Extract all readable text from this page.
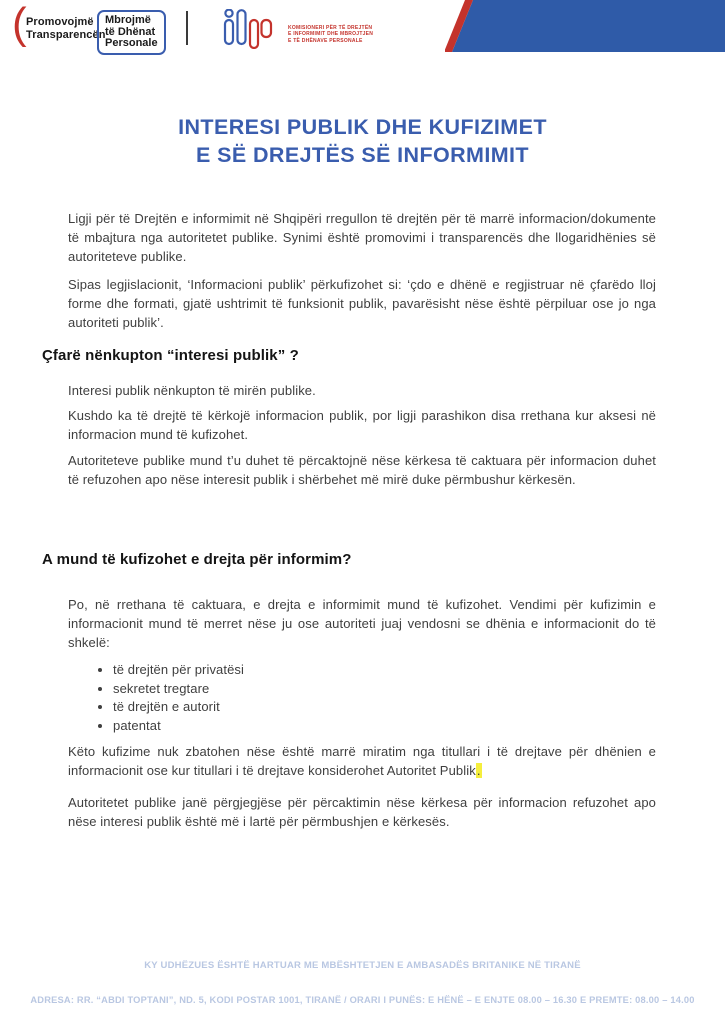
( Promovojmë
Transparencën
Mbrojmë
të Dhënat
Personale
KOMISIONERI PËR TË DREJTËN
E INFORMIMIT DHE MBROJTJEN
E TË DHËNAVE PERSONALE
INTERESI PUBLIK DHE KUFIZIMET
E SË DREJTËS SË INFORMIMIT

Ligji për të Drejtën e informimit në Shqipëri rregullon të drejtën për të marrë informacion/dokumente të mbajtura nga autoritetet publike. Synimi është promovimi i transparencës dhe llogaridhënies së autoriteteve publike.

Sipas legjislacionit, ‘Informacioni publik’ përkufizohet si: ‘çdo e dhënë e regjistruar në çfarëdo lloj forme dhe formati, gjatë ushtrimit të funksionit publik, pavarësisht nëse është përpiluar ose jo nga autoriteti publik’.

Çfarë nënkupton “interesi publik” ?

Interesi publik nënkupton të mirën publike.

Kushdo ka të drejtë të kërkojë informacion publik, por ligji parashikon disa rrethana kur aksesi në informacion mund të kufizohet.

Autoriteteve publike mund t’u duhet të përcaktojnë nëse kërkesa të caktuara për informacion duhet të refuzohen apo nëse interesit publik i shërbehet më mirë duke përmbushur kërkesën.

A mund të kufizohet e drejta për informim?

Po, në rrethana të caktuara, e drejta e informimit mund të kufizohet. Vendimi për kufizimin e informacionit mund të merret nëse ju ose autoriteti juaj vendosni se dhënia e informacionit do të shkelë:

• të drejtën për privatësi
• sekretet tregtare
• të drejtën e autorit
• patentat

Këto kufizime nuk zbatohen nëse është marrë miratim nga titullari i të drejtave për dhënien e informacionit ose kur titullari i të drejtave konsiderohet Autoritet Publik.

Autoritetet publike janë përgjegjëse për përcaktimin nëse kërkesa për informacion refuzohet apo nëse interesi publik është më i lartë për përmbushjen e kërkesës.

KY UDHËZUES ËSHTË HARTUAR ME MBËSHTETJEN E AMBASADËS BRITANIKE NË TIRANË
ADRESA: RR. “ABDI TOPTANI”, ND. 5, KODI POSTAR 1001, TIRANË / ORARI I PUNËS: E HËNË – E ENJTE 08.00 – 16.30 E PREMTE: 08.00 – 14.00
